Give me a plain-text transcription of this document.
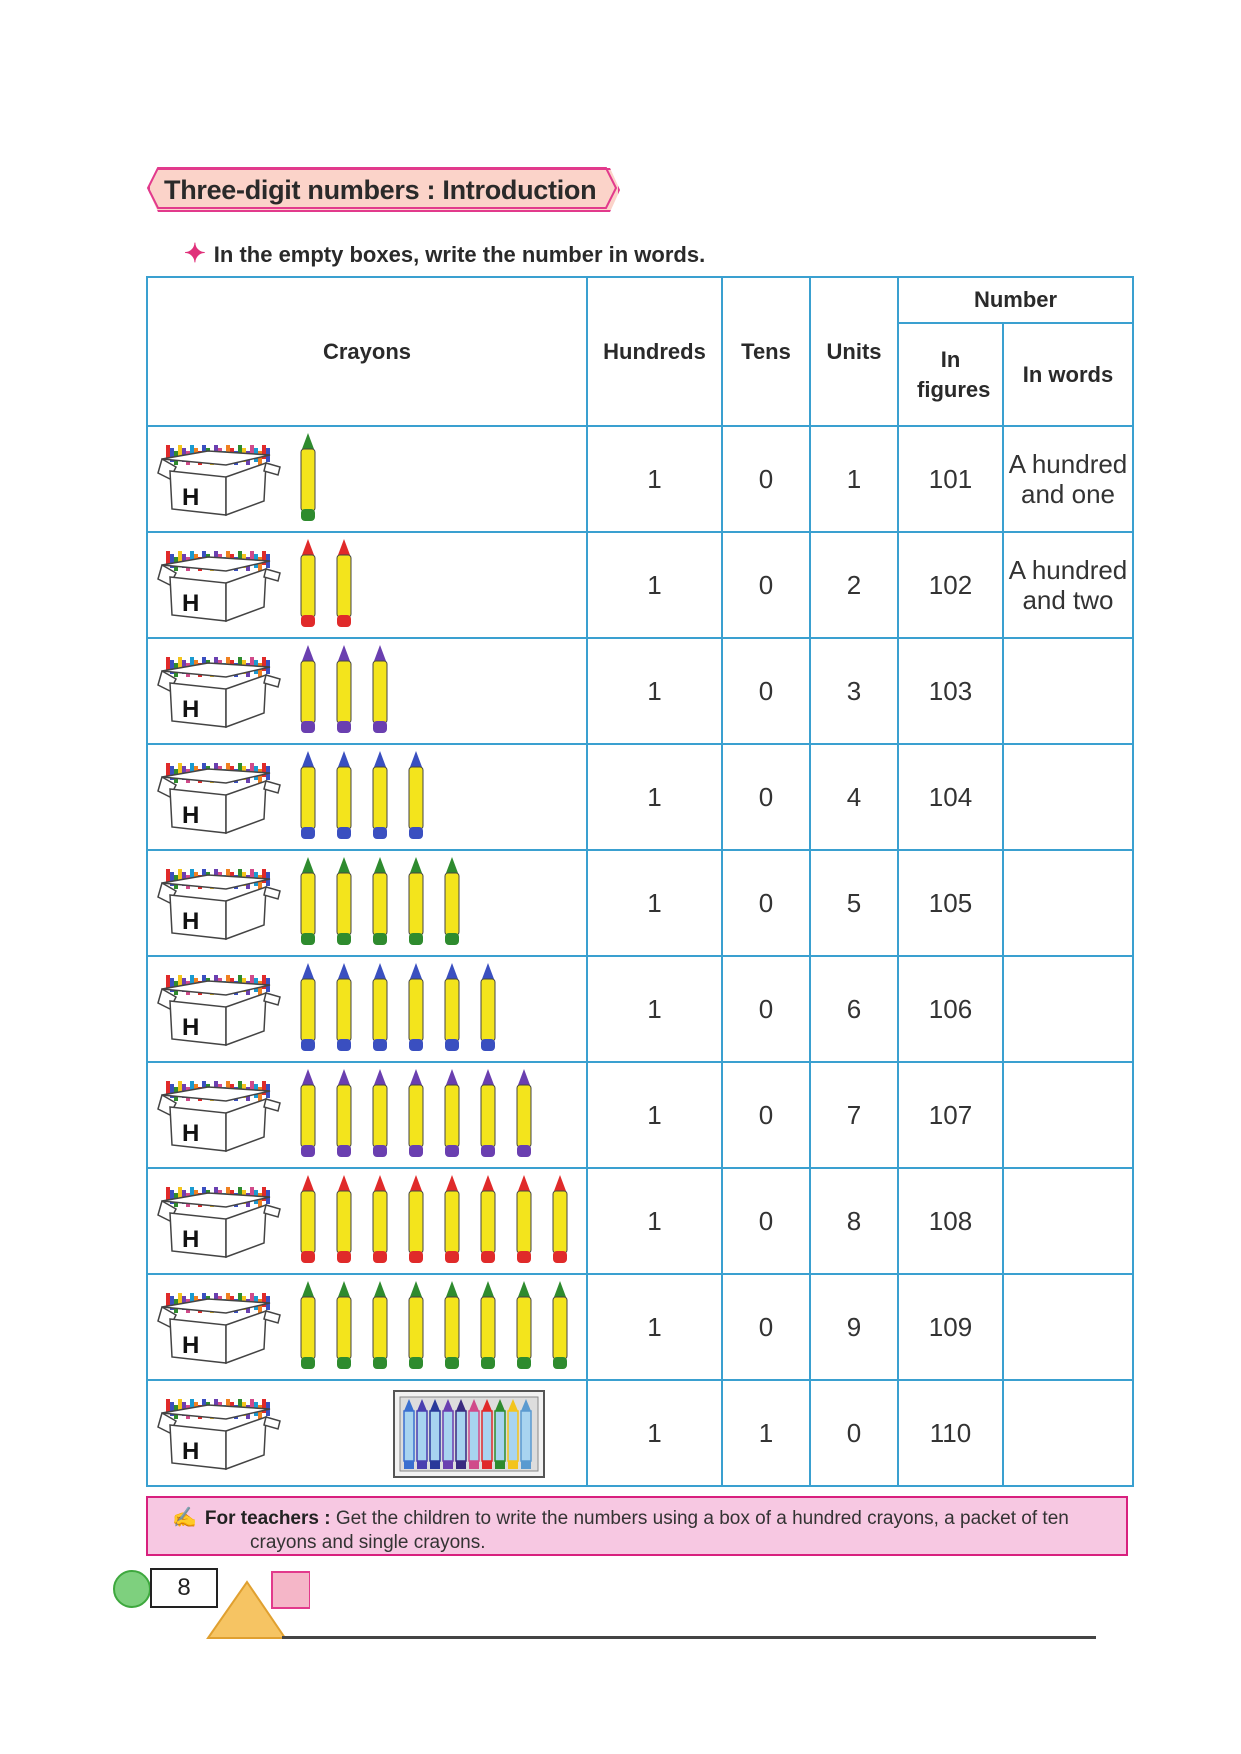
Three-digit numbers : Introduction
✦ In the empty boxes, write the number in words.
Crayons	Hundreds	Tens	Units	Number	
				In figures	In words

H	1	0	1	101	A hundred
and one

H	1	0	2	102	A hundred
and two

H	1	0	3	103	

H	1	0	4	104	

H	1	0	5	105	

H	1	0	6	106	

H	1	0	7	107	

H	1	0	8	108	

H	1	0	9	109	

H	1	1	0	110	

✍ For teachers : Get the children to write the numbers using a box of a hundred crayons, a packet of ten
crayons and single crayons.
8
